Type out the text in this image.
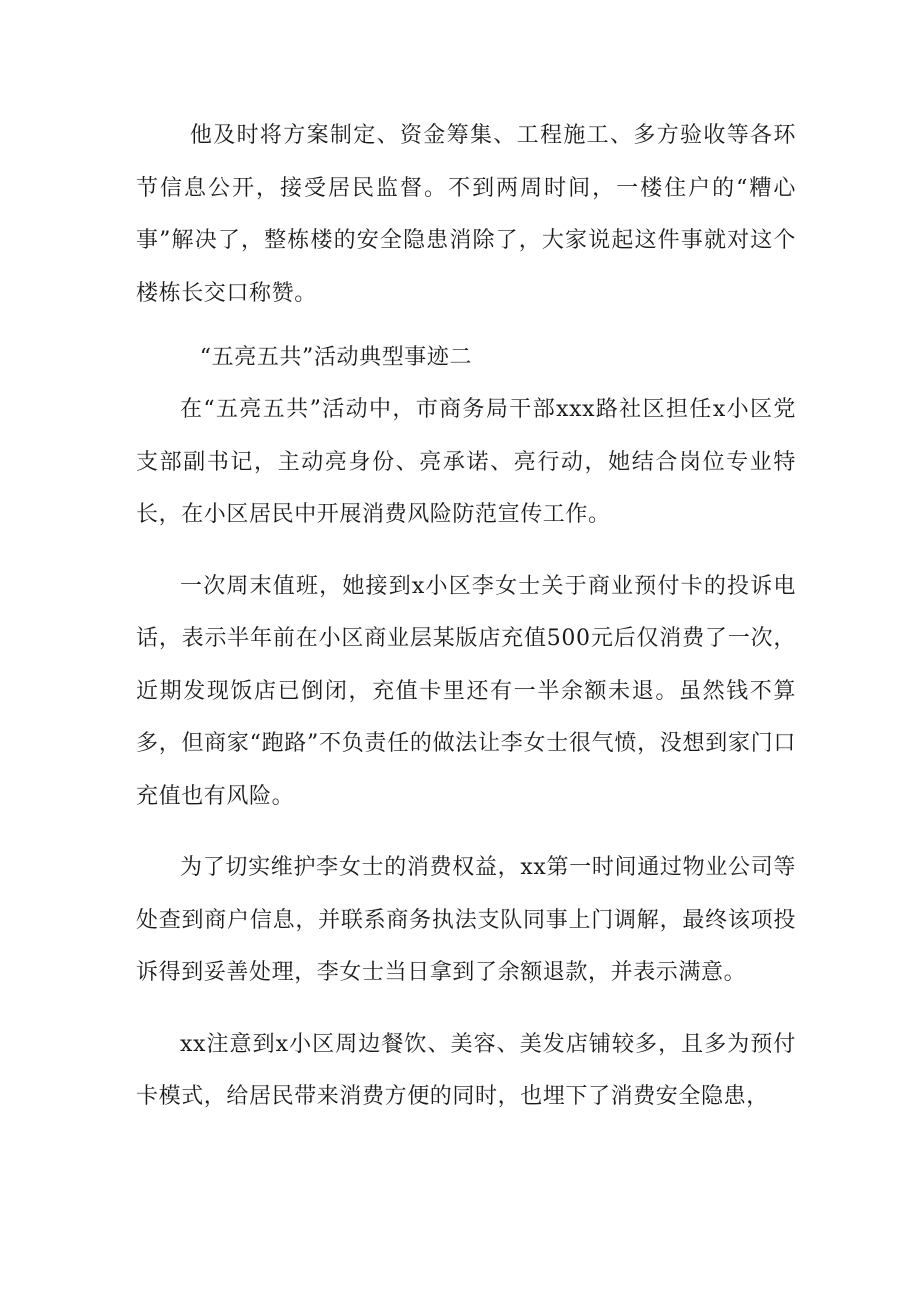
他及时将方案制定、资金筹集、工程施工、多方验收等各环节信息公开，接受居民监督。不到两周时间，一楼住户的“糟心事”解决了，整栋楼的安全隐患消除了，大家说起这件事就对这个楼栋长交口称赞。

“五亮五共”活动典型事迹二

在“五亮五共”活动中，市商务局干部xxx路社区担任x小区党支部副书记，主动亮身份、亮承诺、亮行动，她结合岗位专业特长，在小区居民中开展消费风险防范宣传工作。

一次周末值班，她接到x小区李女士关于商业预付卡的投诉电话，表示半年前在小区商业层某版店充值500元后仅消费了一次，近期发现饭店已倒闭，充值卡里还有一半余额未退。虽然钱不算多，但商家“跑路”不负责任的做法让李女士很气愤，没想到家门口充值也有风险。

为了切实维护李女士的消费权益，xx第一时间通过物业公司等处查到商户信息，并联系商务执法支队同事上门调解，最终该项投诉得到妥善处理，李女士当日拿到了余额退款，并表示满意。

xx注意到x小区周边餐饮、美容、美发店铺较多，且多为预付卡模式，给居民带来消费方便的同时，也埋下了消费安全隐患，
